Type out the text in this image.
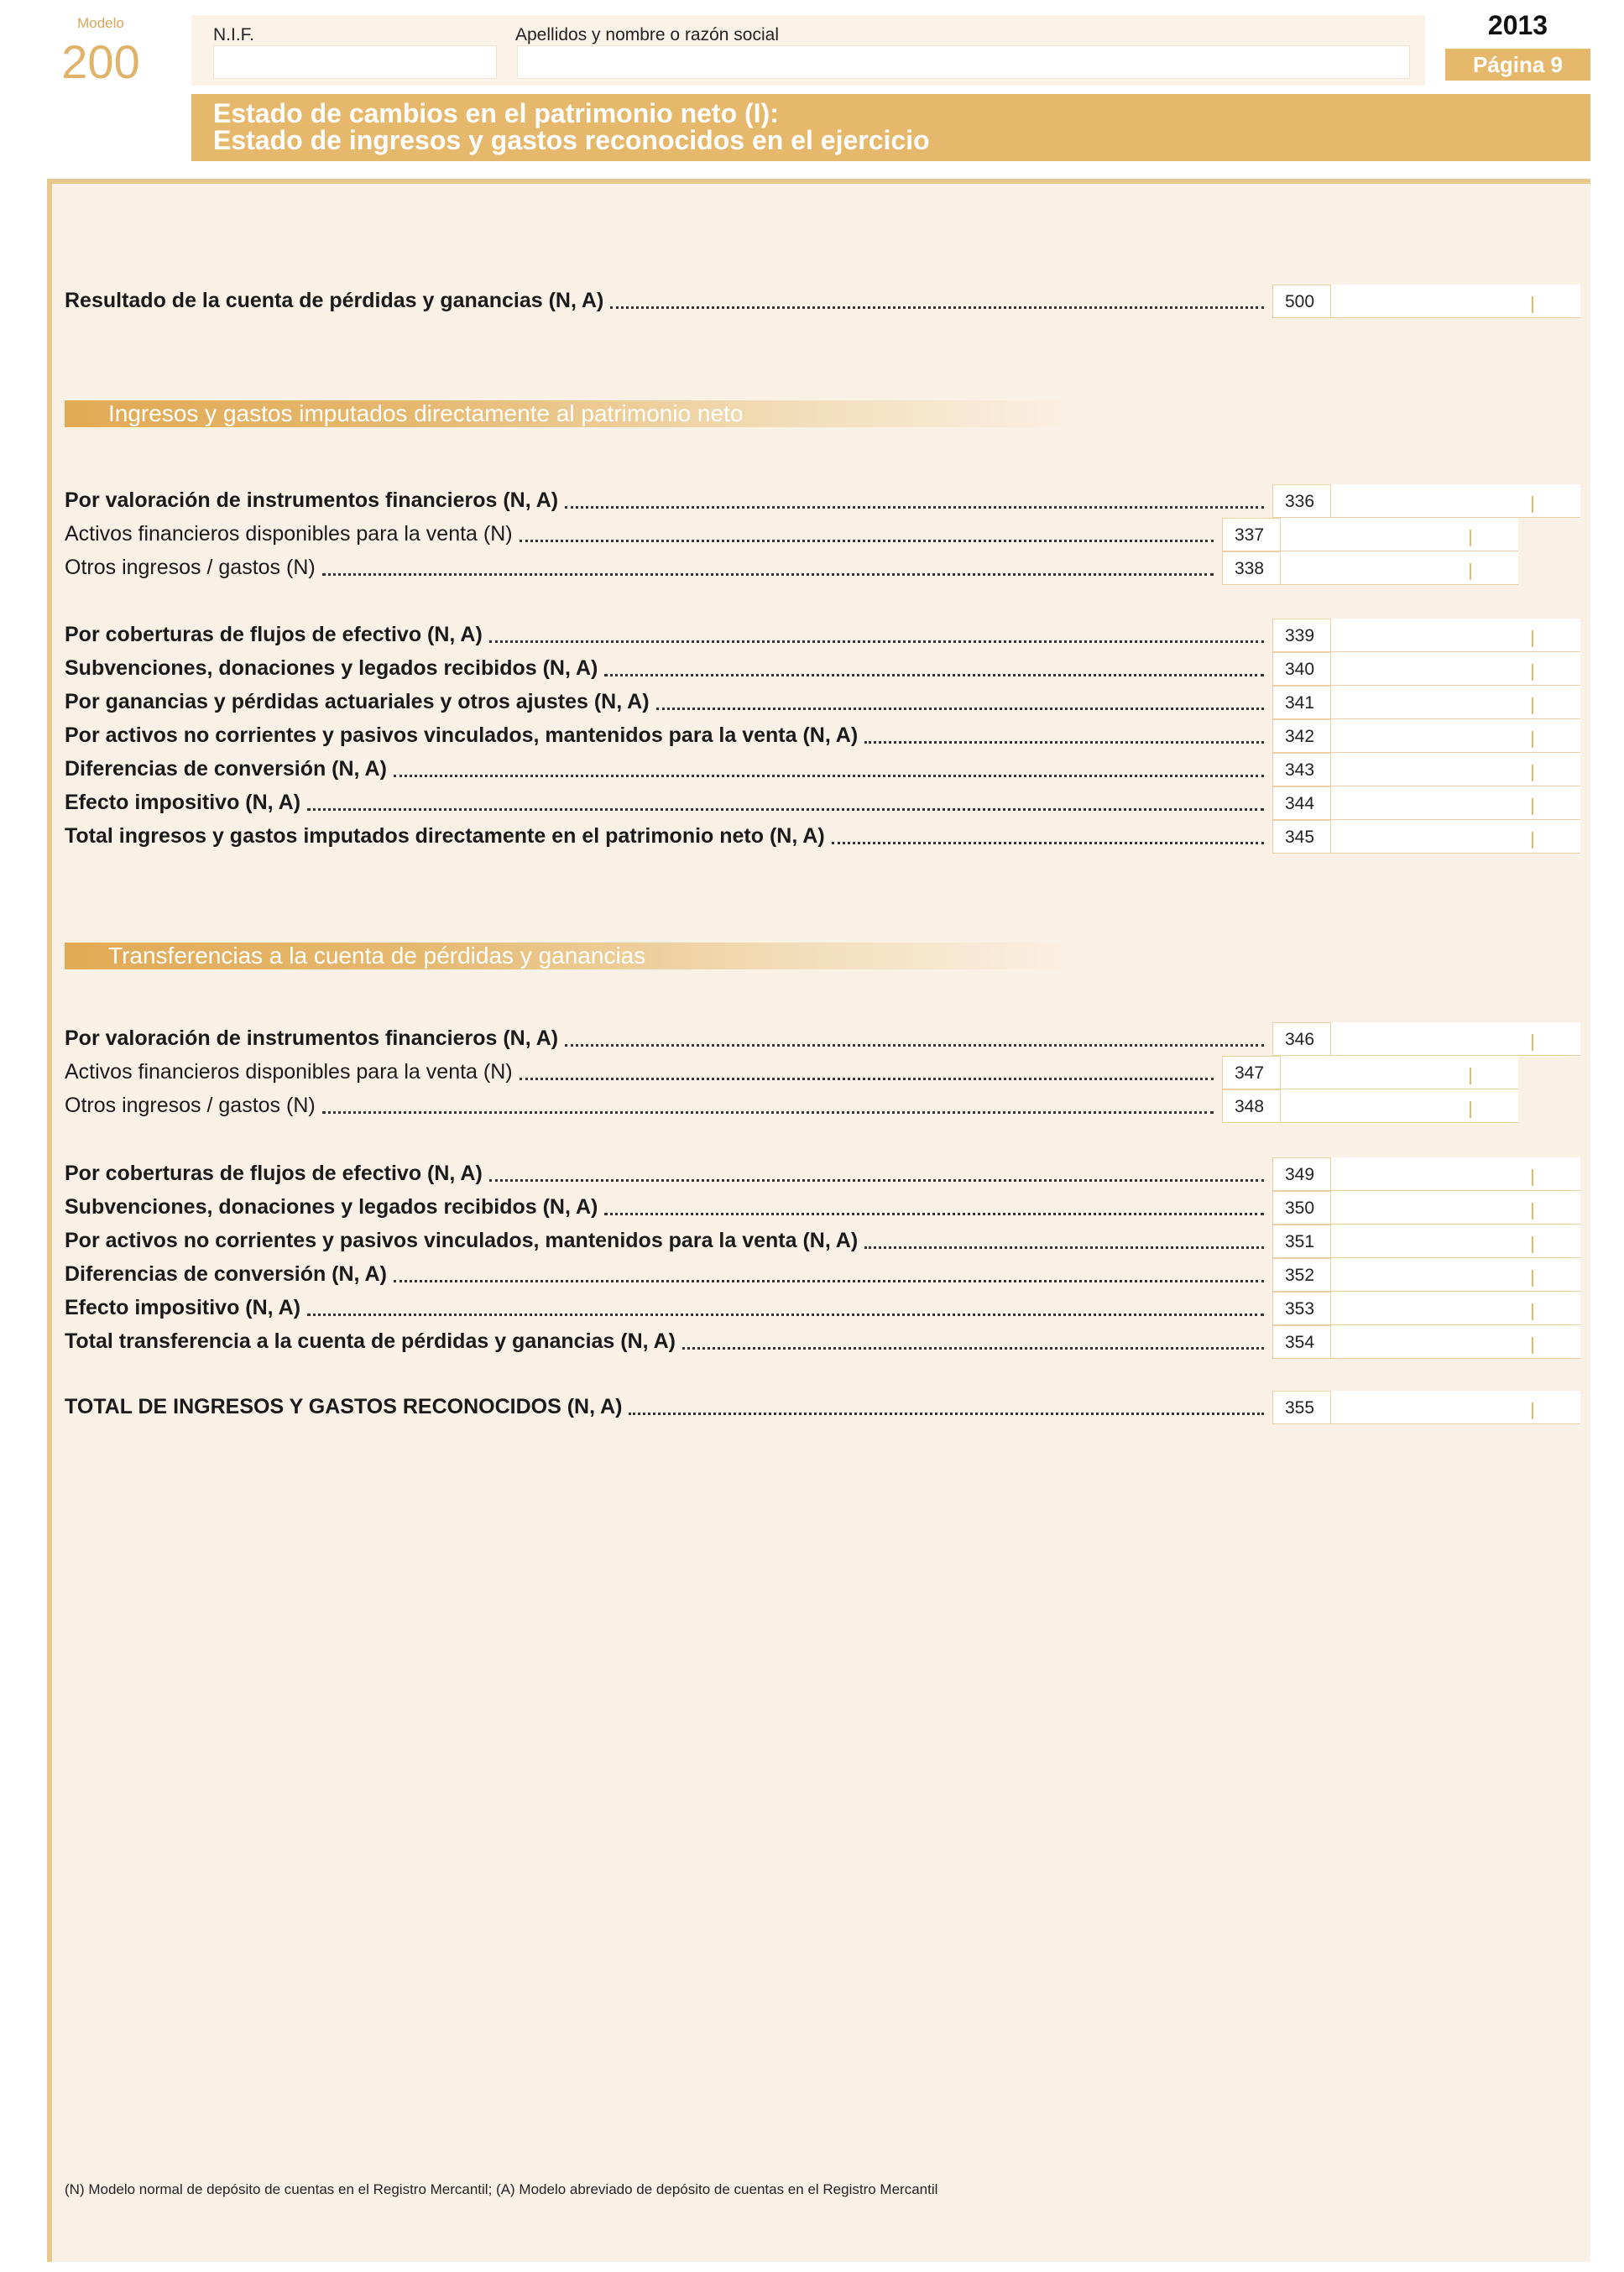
Modelo
200
N.I.F.	Apellidos y nombre o razón social	2013
Página 9
Estado de cambios en el patrimonio neto (I):
Estado de ingresos y gastos reconocidos en el ejercicio
Resultado de la cuenta de pérdidas y ganancias (N, A)	500
Ingresos y gastos imputados directamente al patrimonio neto
Por valoración de instrumentos financieros (N, A)	336
Activos financieros disponibles para la venta (N)	337
Otros ingresos / gastos (N)	338
Por coberturas de flujos de efectivo (N, A)	339
Subvenciones, donaciones y legados recibidos (N, A)	340
Por ganancias y pérdidas actuariales y otros ajustes (N, A)	341
Por activos no corrientes y pasivos vinculados, mantenidos para la venta (N, A)	342
Diferencias de conversión (N, A)	343
Efecto impositivo (N, A)	344
Total ingresos y gastos imputados directamente en el patrimonio neto (N, A)	345
Transferencias a la cuenta de pérdidas y ganancias
Por valoración de instrumentos financieros (N, A)	346
Activos financieros disponibles para la venta (N)	347
Otros ingresos / gastos (N)	348
Por coberturas de flujos de efectivo (N, A)	349
Subvenciones, donaciones y legados recibidos (N, A)	350
Por activos no corrientes y pasivos vinculados, mantenidos para la venta (N, A)	351
Diferencias de conversión (N, A)	352
Efecto impositivo (N, A)	353
Total transferencia a la cuenta de pérdidas y ganancias (N, A)	354
TOTAL DE INGRESOS Y GASTOS RECONOCIDOS (N, A)	355
(N) Modelo normal de depósito de cuentas en el Registro Mercantil; (A) Modelo abreviado de depósito de cuentas en el Registro Mercantil
